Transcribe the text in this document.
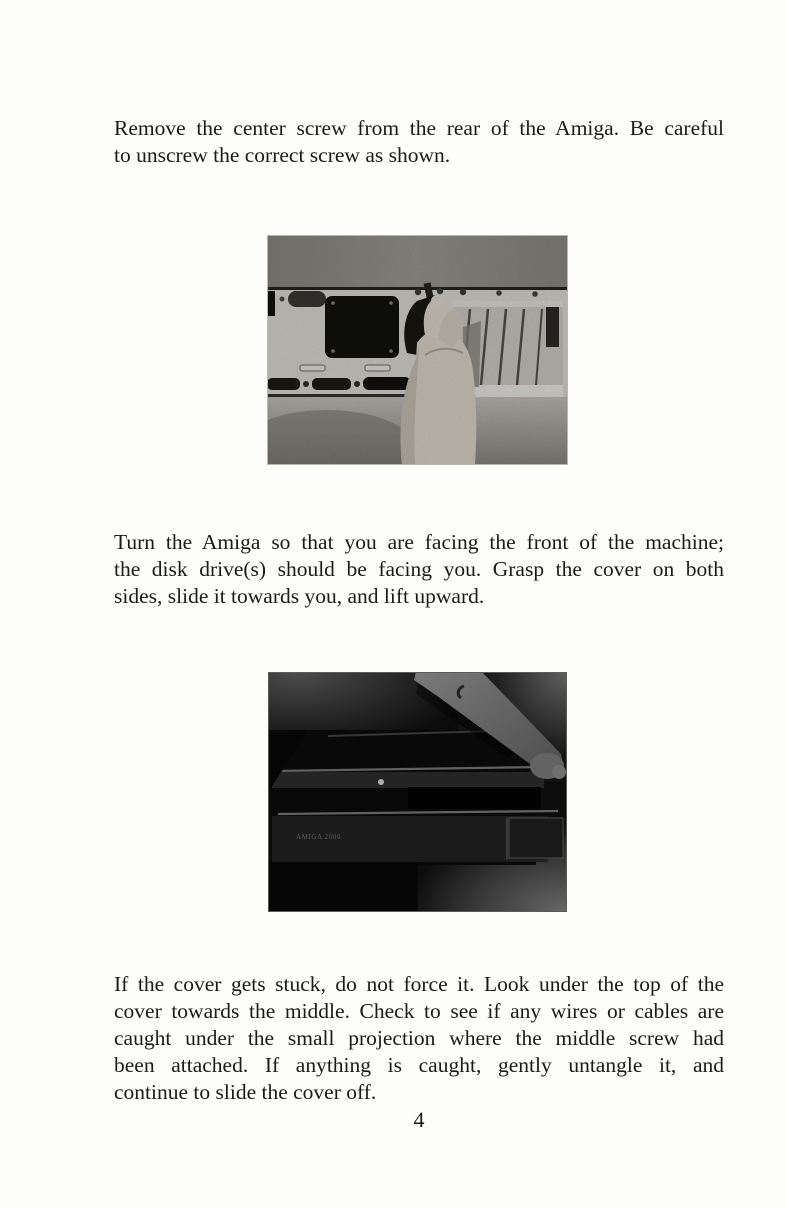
Remove the center screw from the rear of the Amiga. Be careful
to unscrew the correct screw as shown.
Turn the Amiga so that you are facing the front of the machine;
the disk drive(s) should be facing you. Grasp the cover on both
sides, slide it towards you, and lift upward.
AMIGA 2000
If the cover gets stuck, do not force it. Look under the top of the
cover towards the middle. Check to see if any wires or cables are
caught under the small projection where the middle screw had
been attached. If anything is caught, gently untangle it, and
continue to slide the cover off.
4
